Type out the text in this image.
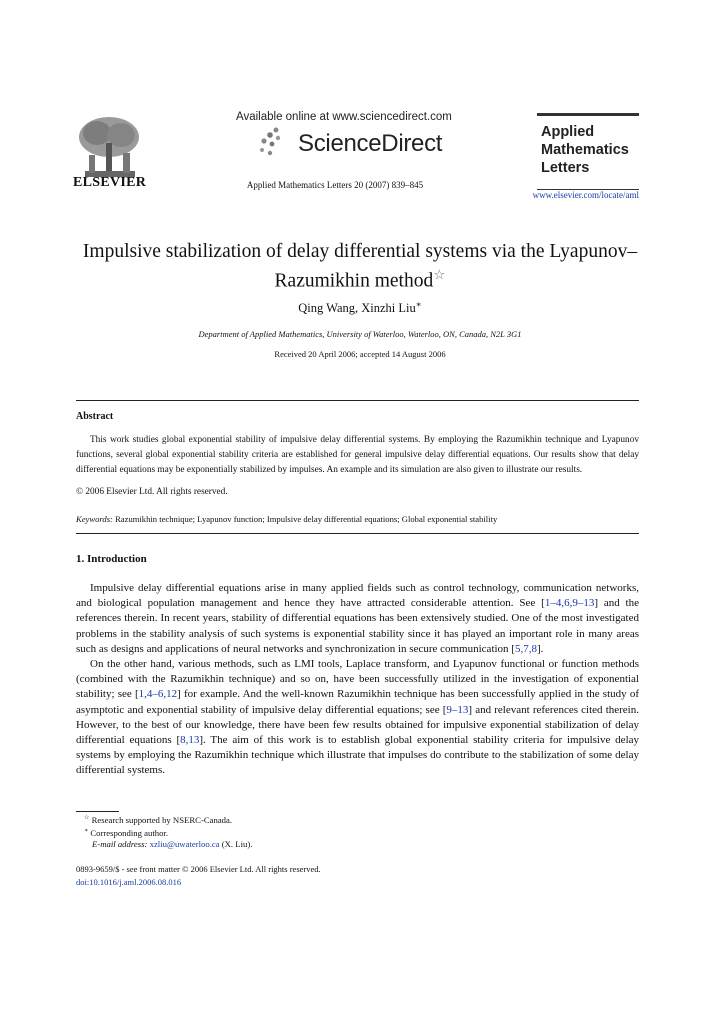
ELSEVIER
Available online at www.sciencedirect.com
ScienceDirect
Applied Mathematics Letters 20 (2007) 839–845
Applied
Mathematics
Letters
www.elsevier.com/locate/aml
Impulsive stabilization of delay differential systems via the Lyapunov–Razumikhin method☆
Qing Wang, Xinzhi Liu∗
Department of Applied Mathematics, University of Waterloo, Waterloo, ON, Canada, N2L 3G1
Received 20 April 2006; accepted 14 August 2006
Abstract

This work studies global exponential stability of impulsive delay differential systems. By employing the Razumikhin technique and Lyapunov functions, several global exponential stability criteria are established for general impulsive delay differential equations. Our results show that delay differential equations may be exponentially stabilized by impulses. An example and its simulation are also given to illustrate our results.

© 2006 Elsevier Ltd. All rights reserved.
Keywords: Razumikhin technique; Lyapunov function; Impulsive delay differential equations; Global exponential stability
1. Introduction

Impulsive delay differential equations arise in many applied fields such as control technology, communication networks, and biological population management and hence they have attracted considerable attention. See [1–4,6,9–13] and the references therein. In recent years, stability of differential equations has been extensively studied. One of the most investigated problems in the stability analysis of such systems is exponential stability since it has played an important role in many areas such as designs and applications of neural networks and synchronization in secure communication [5,7,8].

On the other hand, various methods, such as LMI tools, Laplace transform, and Lyapunov functional or function methods (combined with the Razumikhin technique) and so on, have been successfully utilized in the investigation of exponential stability; see [1,4–6,12] for example. And the well-known Razumikhin technique has been successfully applied in the study of asymptotic and exponential stability of impulsive delay differential equations; see [9–13] and relevant references cited therein. However, to the best of our knowledge, there have been few results obtained for impulsive exponential stabilization of delay differential equations [8,13]. The aim of this work is to establish global exponential stability criteria for impulsive delay systems by employing the Razumikhin technique which illustrate that impulses do contribute to the stabilization of some delay differential systems.

☆ Research supported by NSERC-Canada.
∗ Corresponding author.
E-mail address: xzliu@uwaterloo.ca (X. Liu).
0893-9659/$ - see front matter © 2006 Elsevier Ltd. All rights reserved.
doi:10.1016/j.aml.2006.08.016
